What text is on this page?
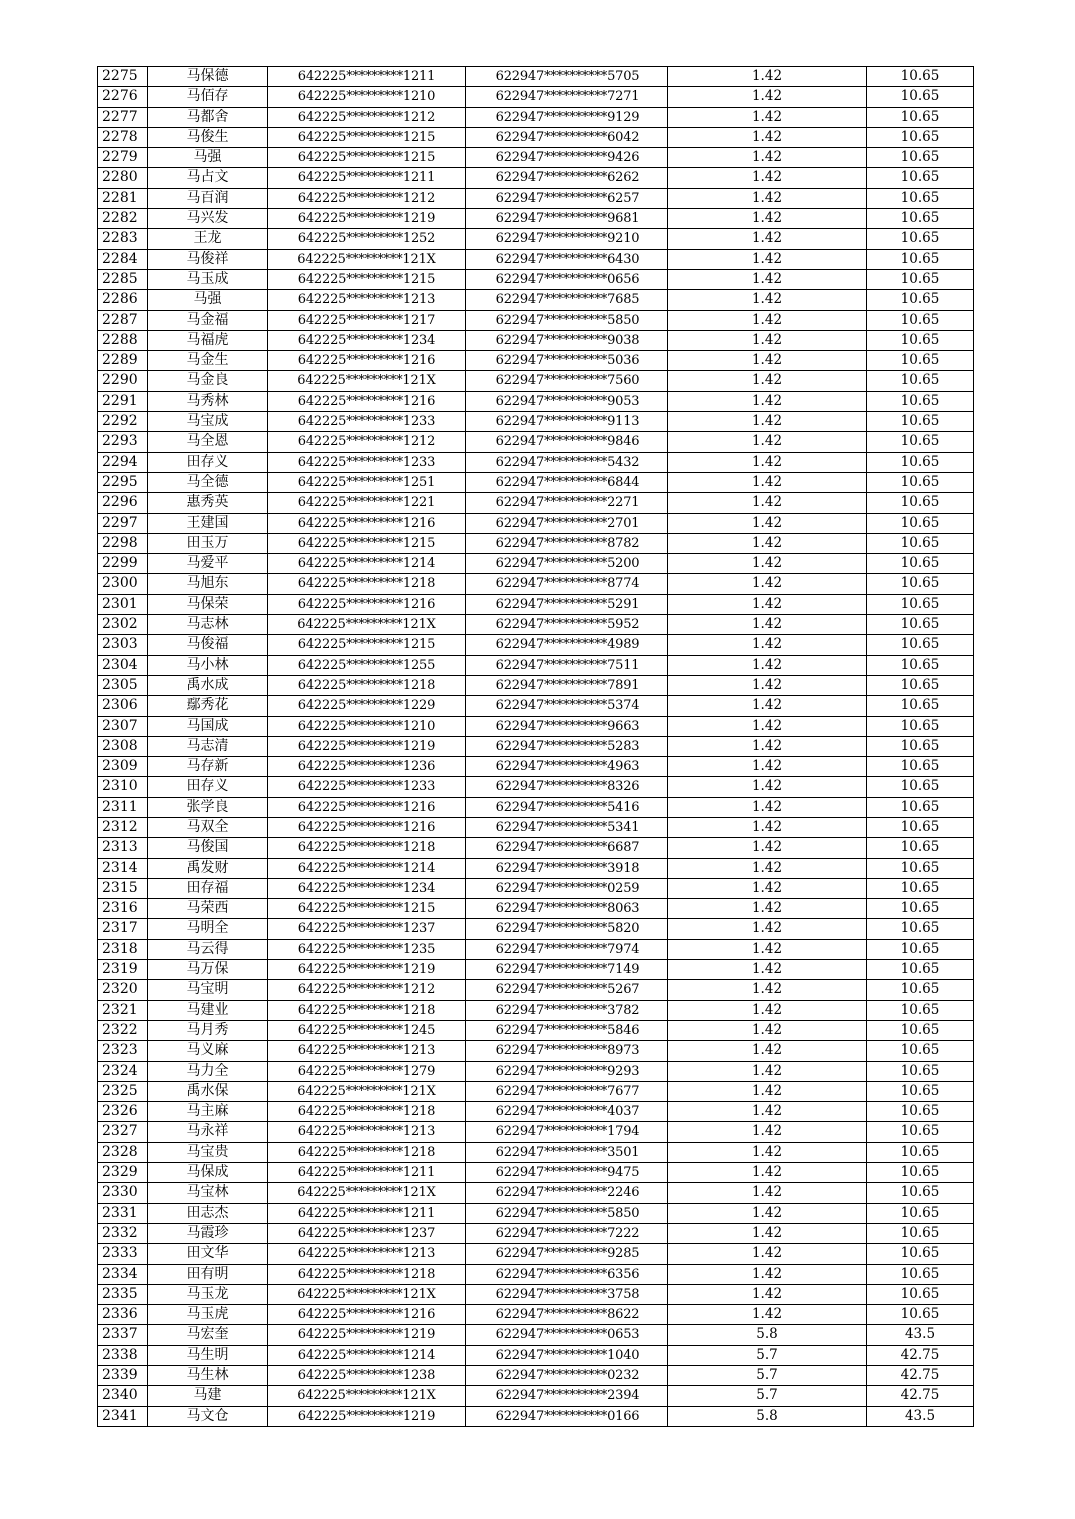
2275	马保德	642225*********1211	622947**********5705	1.42	10.65
2276	马佰存	642225*********1210	622947**********7271	1.42	10.65
2277	马都舍	642225*********1212	622947**********9129	1.42	10.65
2278	马俊生	642225*********1215	622947**********6042	1.42	10.65
2279	马强	642225*********1215	622947**********9426	1.42	10.65
2280	马占文	642225*********1211	622947**********6262	1.42	10.65
2281	马百润	642225*********1212	622947**********6257	1.42	10.65
2282	马兴发	642225*********1219	622947**********9681	1.42	10.65
2283	王龙	642225*********1252	622947**********9210	1.42	10.65
2284	马俊祥	642225*********121X	622947**********6430	1.42	10.65
2285	马玉成	642225*********1215	622947**********0656	1.42	10.65
2286	马强	642225*********1213	622947**********7685	1.42	10.65
2287	马金福	642225*********1217	622947**********5850	1.42	10.65
2288	马福虎	642225*********1234	622947**********9038	1.42	10.65
2289	马金生	642225*********1216	622947**********5036	1.42	10.65
2290	马金良	642225*********121X	622947**********7560	1.42	10.65
2291	马秀林	642225*********1216	622947**********9053	1.42	10.65
2292	马宝成	642225*********1233	622947**********9113	1.42	10.65
2293	马全恩	642225*********1212	622947**********9846	1.42	10.65
2294	田存义	642225*********1233	622947**********5432	1.42	10.65
2295	马全德	642225*********1251	622947**********6844	1.42	10.65
2296	惠秀英	642225*********1221	622947**********2271	1.42	10.65
2297	王建国	642225*********1216	622947**********2701	1.42	10.65
2298	田玉万	642225*********1215	622947**********8782	1.42	10.65
2299	马爱平	642225*********1214	622947**********5200	1.42	10.65
2300	马旭东	642225*********1218	622947**********8774	1.42	10.65
2301	马保荣	642225*********1216	622947**********5291	1.42	10.65
2302	马志林	642225*********121X	622947**********5952	1.42	10.65
2303	马俊福	642225*********1215	622947**********4989	1.42	10.65
2304	马小林	642225*********1255	622947**********7511	1.42	10.65
2305	禹水成	642225*********1218	622947**********7891	1.42	10.65
2306	鄢秀花	642225*********1229	622947**********5374	1.42	10.65
2307	马国成	642225*********1210	622947**********9663	1.42	10.65
2308	马志清	642225*********1219	622947**********5283	1.42	10.65
2309	马存新	642225*********1236	622947**********4963	1.42	10.65
2310	田存义	642225*********1233	622947**********8326	1.42	10.65
2311	张学良	642225*********1216	622947**********5416	1.42	10.65
2312	马双全	642225*********1216	622947**********5341	1.42	10.65
2313	马俊国	642225*********1218	622947**********6687	1.42	10.65
2314	禹发财	642225*********1214	622947**********3918	1.42	10.65
2315	田存福	642225*********1234	622947**********0259	1.42	10.65
2316	马荣西	642225*********1215	622947**********8063	1.42	10.65
2317	马明全	642225*********1237	622947**********5820	1.42	10.65
2318	马云得	642225*********1235	622947**********7974	1.42	10.65
2319	马万保	642225*********1219	622947**********7149	1.42	10.65
2320	马宝明	642225*********1212	622947**********5267	1.42	10.65
2321	马建业	642225*********1218	622947**********3782	1.42	10.65
2322	马月秀	642225*********1245	622947**********5846	1.42	10.65
2323	马义麻	642225*********1213	622947**********8973	1.42	10.65
2324	马力全	642225*********1279	622947**********9293	1.42	10.65
2325	禹水保	642225*********121X	622947**********7677	1.42	10.65
2326	马主麻	642225*********1218	622947**********4037	1.42	10.65
2327	马永祥	642225*********1213	622947**********1794	1.42	10.65
2328	马宝贵	642225*********1218	622947**********3501	1.42	10.65
2329	马保成	642225*********1211	622947**********9475	1.42	10.65
2330	马宝林	642225*********121X	622947**********2246	1.42	10.65
2331	田志杰	642225*********1211	622947**********5850	1.42	10.65
2332	马霞珍	642225*********1237	622947**********7222	1.42	10.65
2333	田文华	642225*********1213	622947**********9285	1.42	10.65
2334	田有明	642225*********1218	622947**********6356	1.42	10.65
2335	马玉龙	642225*********121X	622947**********3758	1.42	10.65
2336	马玉虎	642225*********1216	622947**********8622	1.42	10.65
2337	马宏奎	642225*********1219	622947**********0653	5.8	43.5
2338	马生明	642225*********1214	622947**********1040	5.7	42.75
2339	马生林	642225*********1238	622947**********0232	5.7	42.75
2340	马建	642225*********121X	622947**********2394	5.7	42.75
2341	马文仓	642225*********1219	622947**********0166	5.8	43.5
